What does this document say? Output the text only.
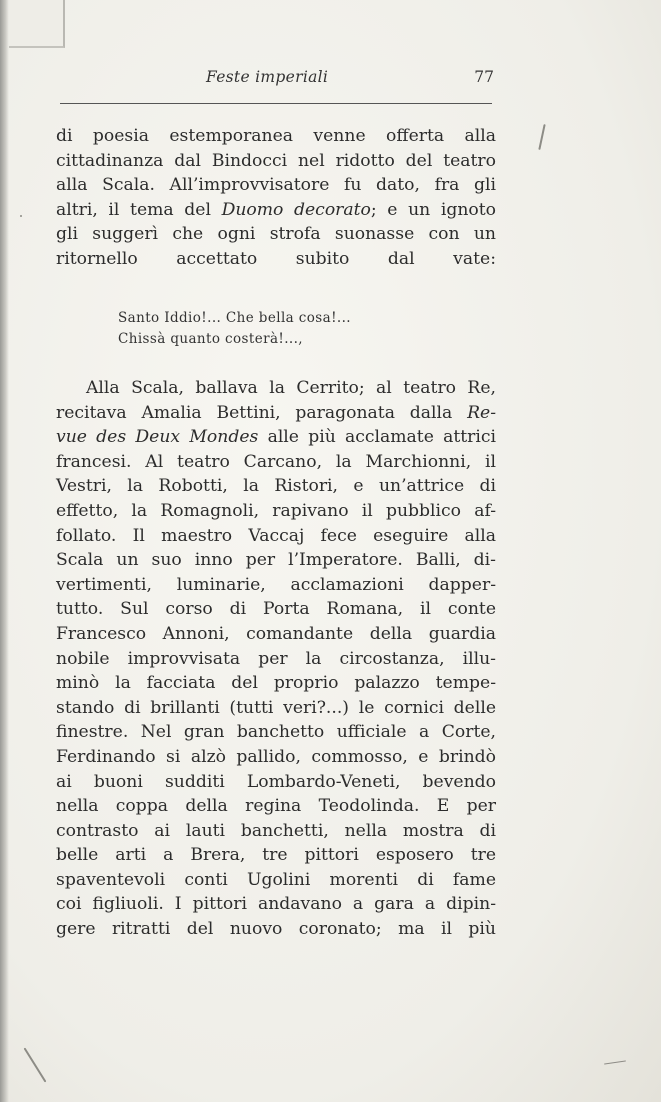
Feste imperiali	77
di poesia estemporanea venne offerta alla
cittadinanza dal Bindocci nel ridotto del teatro
alla Scala. All’improvvisatore fu dato, fra gli
altri, il tema del Duomo decorato; e un ignoto
gli suggerì che ogni strofa suonasse con un
ritornello accettato subito dal vate:
Santo Iddio!... Che bella cosa!...
Chissà quanto costerà!...,
Alla Scala, ballava la Cerrito; al teatro Re,
recitava Amalia Bettini, paragonata dalla Re-
vue des Deux Mondes alle più acclamate attrici
francesi. Al teatro Carcano, la Marchionni, il
Vestri, la Robotti, la Ristori, e un’attrice di
effetto, la Romagnoli, rapivano il pubblico af-
follato. Il maestro Vaccaj fece eseguire alla
Scala un suo inno per l’Imperatore. Balli, di-
vertimenti, luminarie, acclamazioni dapper-
tutto. Sul corso di Porta Romana, il conte
Francesco Annoni, comandante della guardia
nobile improvvisata per la circostanza, illu-
minò la facciata del proprio palazzo tempe-
stando di brillanti (tutti veri?...) le cornici delle
finestre. Nel gran banchetto ufficiale a Corte,
Ferdinando si alzò pallido, commosso, e brindò
ai buoni sudditi Lombardo-Veneti, bevendo
nella coppa della regina Teodolinda. E per
contrasto ai lauti banchetti, nella mostra di
belle arti a Brera, tre pittori esposero tre
spaventevoli conti Ugolini morenti di fame
coi figliuoli. I pittori andavano a gara a dipin-
gere ritratti del nuovo coronato; ma il più
